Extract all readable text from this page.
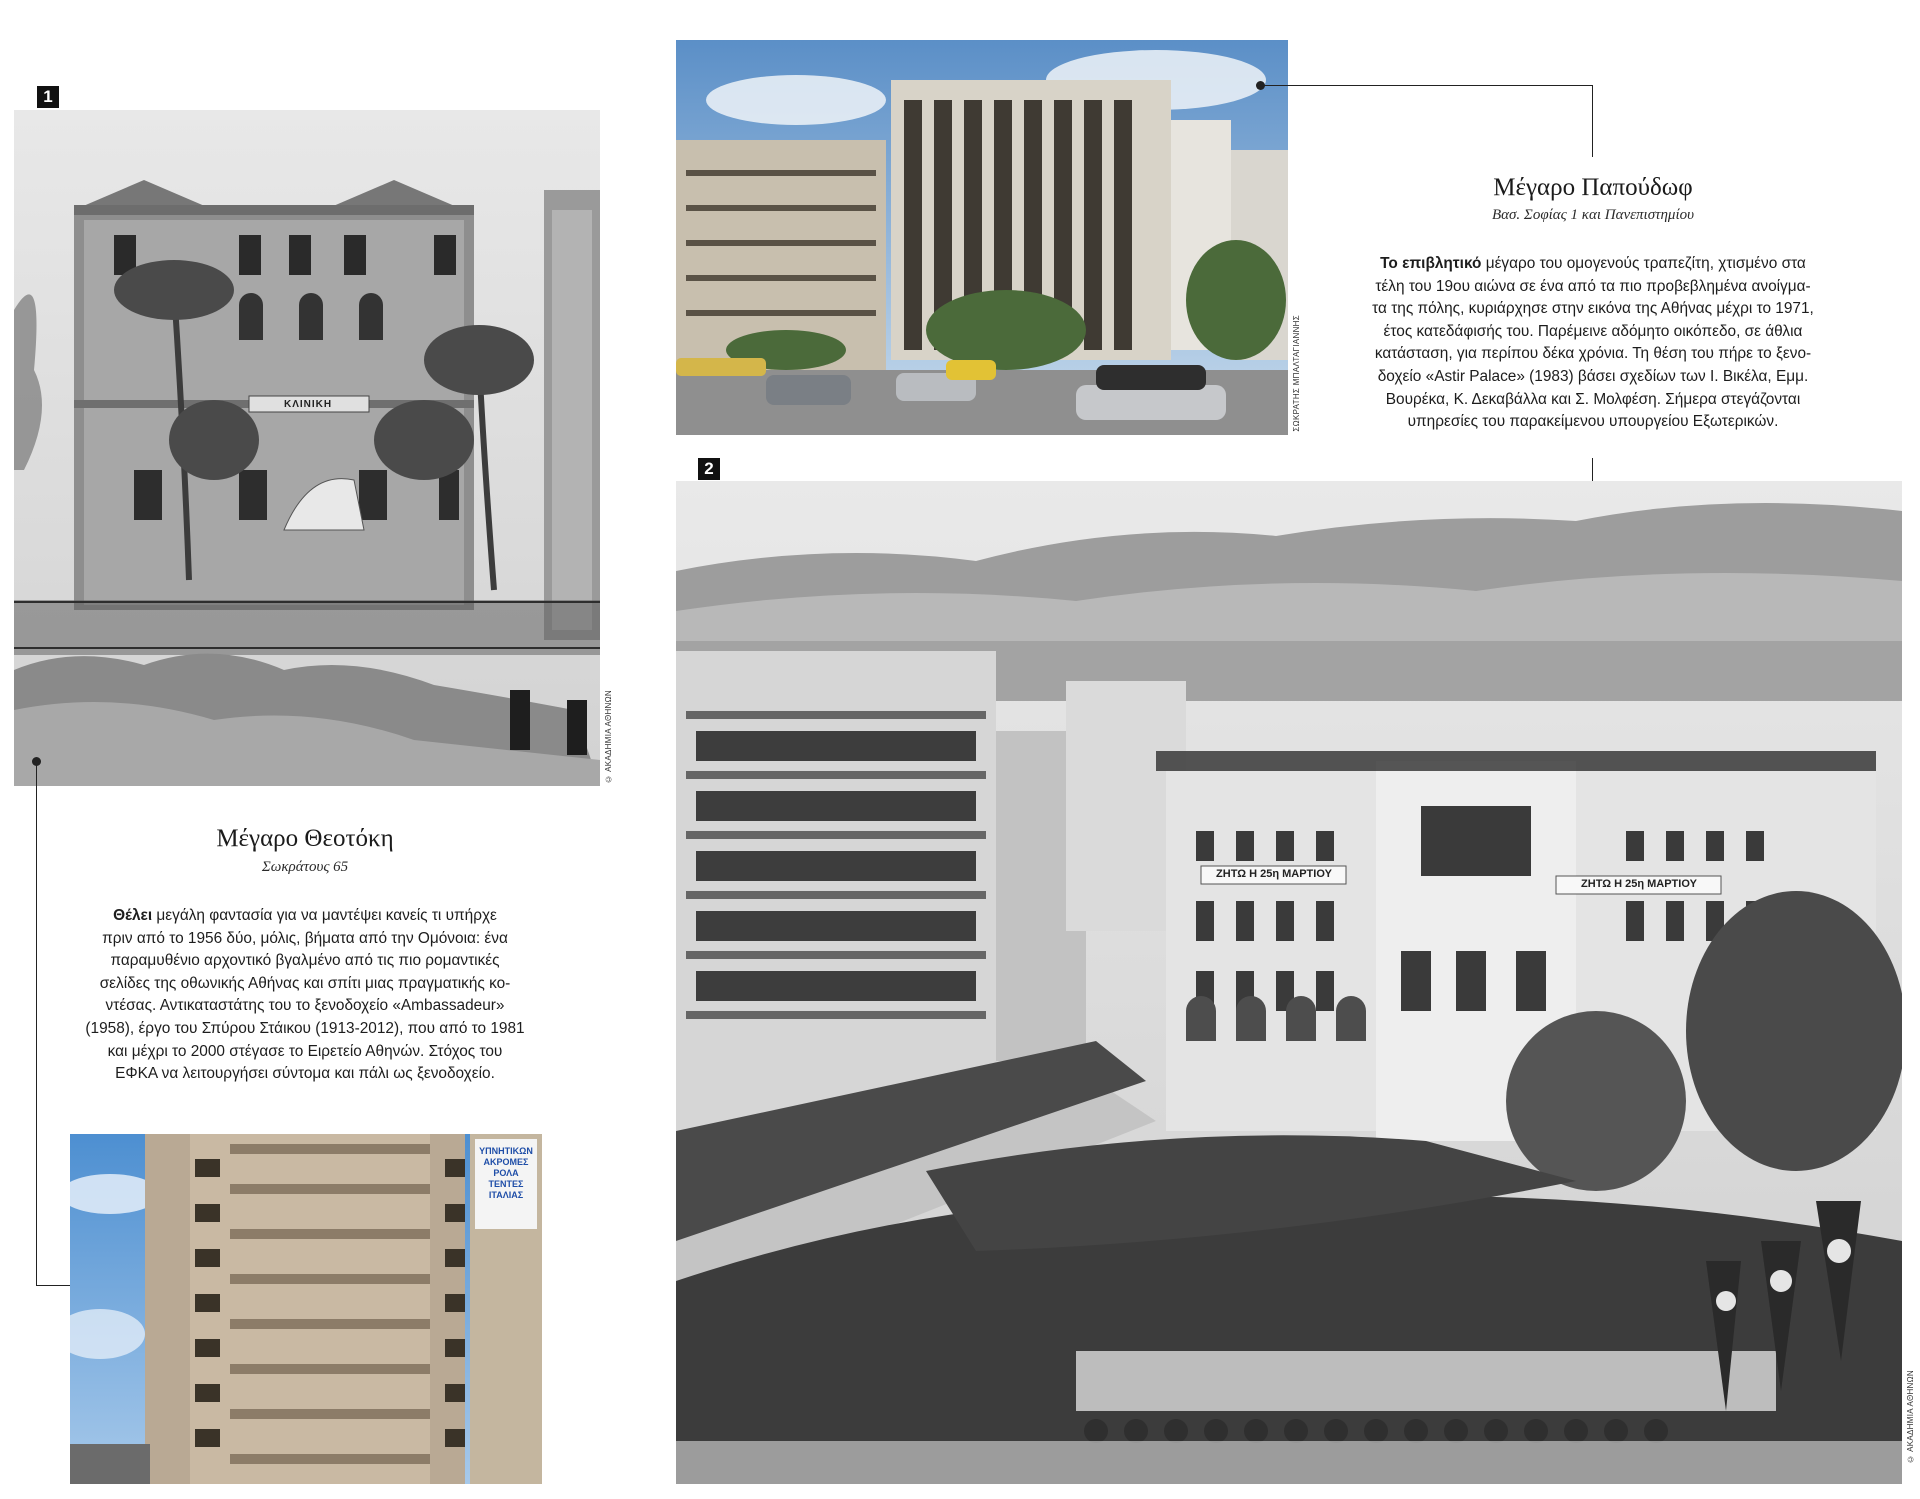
1
ΚΛΙΝΙΚΗ
© ΑΚΑΔΗΜΙΑ ΑΘΗΝΩΝ
Μέγαρο Θεοτόκη
Σωκράτους 65

Θέλει μεγάλη φαντασία για να μαντέψει κανείς τι υπήρχε

πριν από το 1956 δύο, μόλις, βήματα από την Ομόνοια: ένα

παραμυθένιο αρχοντικό βγαλμένο από τις πιο ρομαντικές

σελίδες της οθωνικής Αθήνας και σπίτι μιας πραγματικής κο-

ντέσας. Αντικαταστάτης του το ξενοδοχείο «Ambassadeur»

(1958), έργο του Σπύρου Στάικου (1913-2012), που από το 1981

και μέχρι το 2000 στέγασε το Ειρετείο Αθηνών. Στόχος του

ΕΦΚΑ να λειτουργήσει σύντομα και πάλι ως ξενοδοχείο.

ΥΠΝΗΤΙΚΩΝ ΑΚΡΟΜΕΣ ΡΟΛΑ ΤΕΝΤΕΣ ΙΤΑΛΙΑΣ
ΣΩΚΡΑΤΗΣ ΜΠΑΛΤΑΓΙΑΝΝΗΣ
Μέγαρο Παπούδωφ
Βασ. Σοφίας 1 και Πανεπιστημίου

Το επιβλητικό μέγαρο του ομογενούς τραπεζίτη, χτισμένο στα

τέλη του 19ου αιώνα σε ένα από τα πιο προβεβλημένα ανοίγμα-

τα της πόλης, κυριάρχησε στην εικόνα της Αθήνας μέχρι το 1971,

έτος κατεδάφισής του. Παρέμεινε αδόμητο οικόπεδο, σε άθλια

κατάσταση, για περίπου δέκα χρόνια. Τη θέση του πήρε το ξενο-

δοχείο «Astir Palace» (1983) βάσει σχεδίων των Ι. Βικέλα, Εμμ.

Βουρέκα, Κ. Δεκαβάλλα και Σ. Μολφέση. Σήμερα στεγάζονται

υπηρεσίες του παρακείμενου υπουργείου Εξωτερικών.

2
ΖΗΤΩ Η 25η ΜΑΡΤΙΟΥ
ΖΗΤΩ Η 25η ΜΑΡΤΙΟΥ
© ΑΚΑΔΗΜΙΑ ΑΘΗΝΩΝ
